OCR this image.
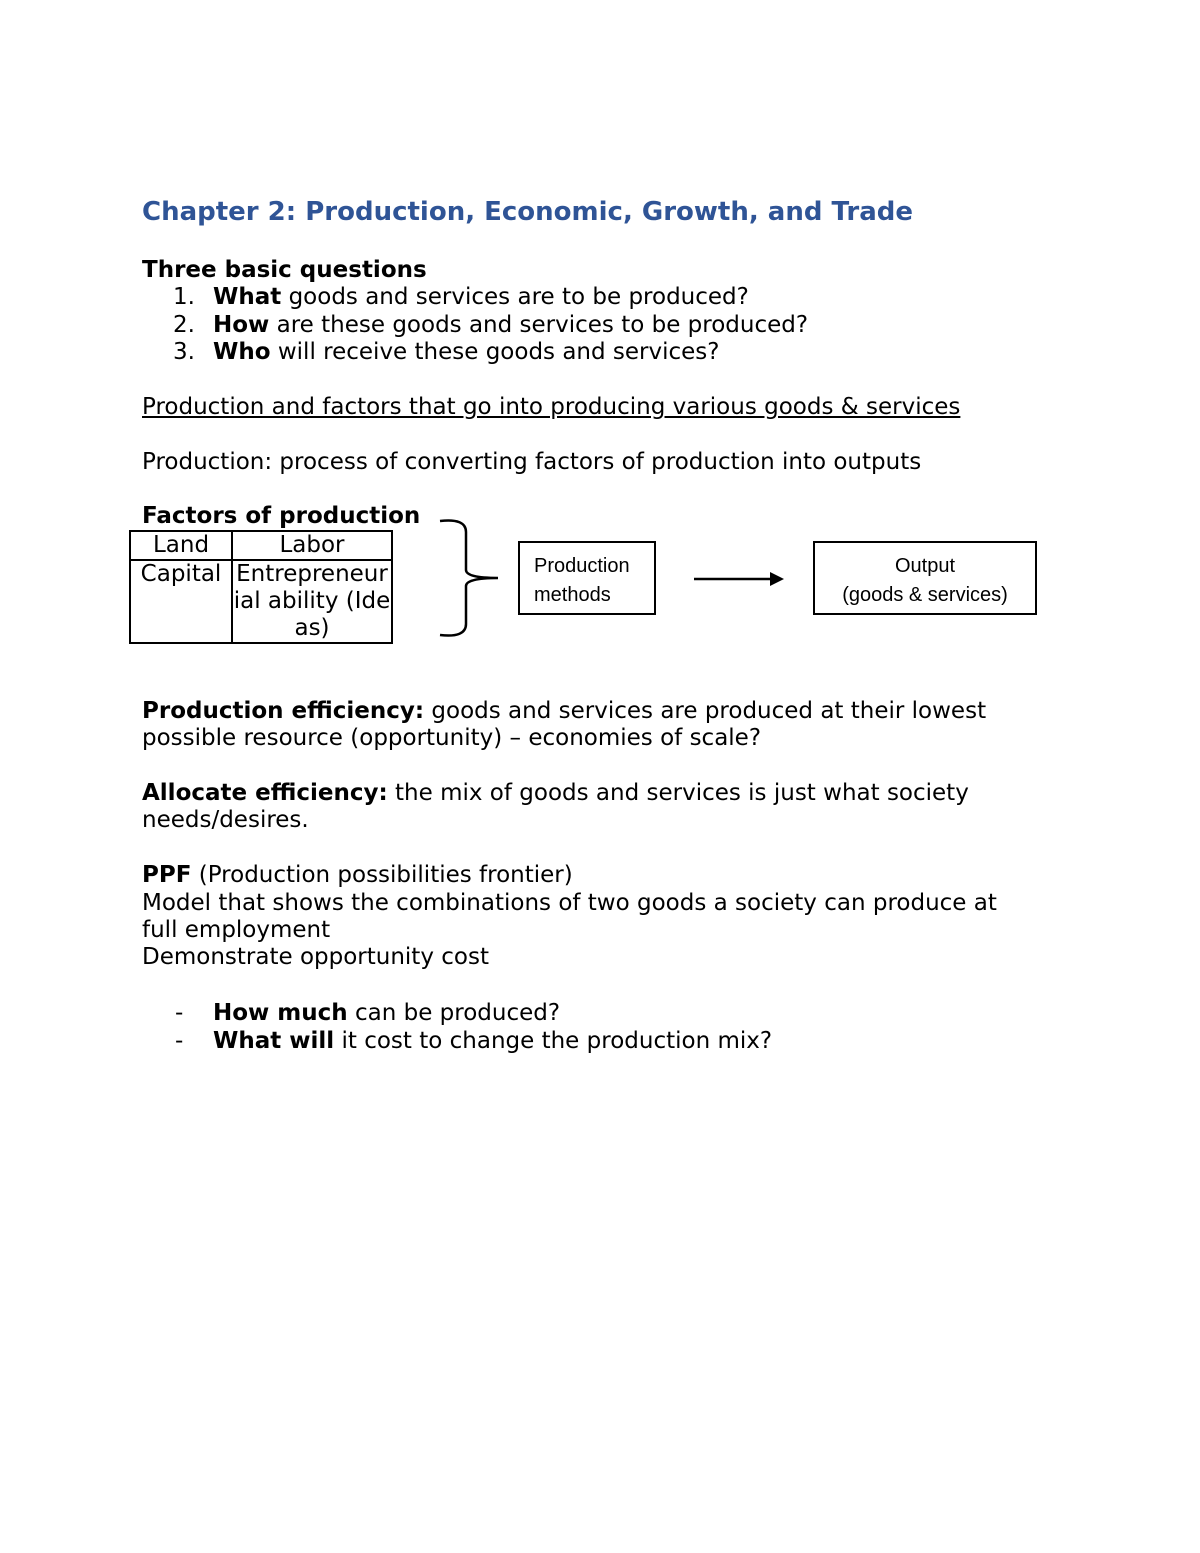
Chapter 2: Production, Economic, Growth, and Trade
Three basic questions
1. What goods and services are to be produced?
2. How are these goods and services to be produced?
3. Who will receive these goods and services?
Production and factors that go into producing various goods & services
Production: process of converting factors of production into outputs
Factors of production
Land	Labor
Capital	Entrepreneurial ability (Ideas)
Production
methods
Output
(goods & services)
Production efficiency: goods and services are produced at their lowest
possible resource (opportunity) – economies of scale?
Allocate efficiency: the mix of goods and services is just what society
needs/desires.
PPF (Production possibilities frontier)
Model that shows the combinations of two goods a society can produce at
full employment
Demonstrate opportunity cost
- How much can be produced?
- What will it cost to change the production mix?
